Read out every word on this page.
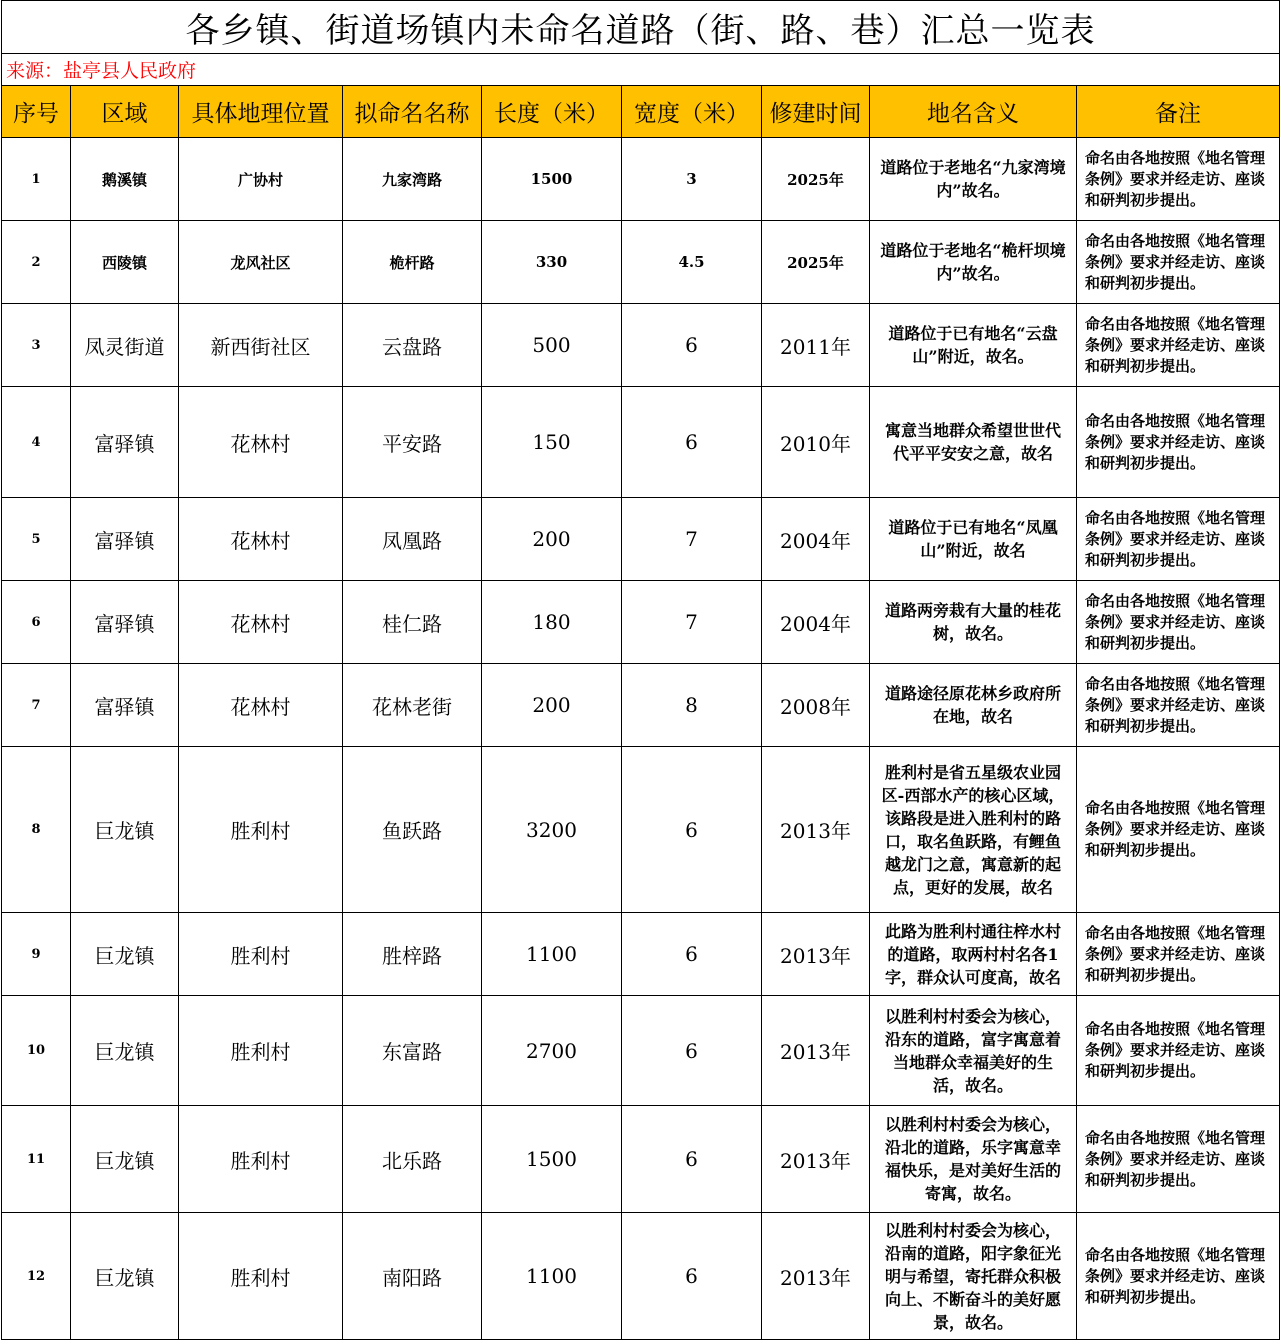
各乡镇、街道场镇内未命名道路（街、路、巷）汇总一览表								
来源：盐亭县人民政府								
序号	区域	具体地理位置	拟命名名称	长度（米）	宽度（米）	修建时间	地名含义	备注
1	鹅溪镇	广协村	九家湾路	1500	3	2025年	道路位于老地名“九家湾境内”故名。	命名由各地按照《地名管理条例》要求并经走访、座谈和研判初步提出。
2	西陵镇	龙风社区	桅杆路	330	4.5	2025年	道路位于老地名“桅杆坝境内”故名。	命名由各地按照《地名管理条例》要求并经走访、座谈和研判初步提出。
3	凤灵街道	新西街社区	云盘路	500	6	2011年	道路位于已有地名“云盘山”附近，故名。	命名由各地按照《地名管理条例》要求并经走访、座谈和研判初步提出。
4	富驿镇	花林村	平安路	150	6	2010年	寓意当地群众希望世世代代平平安安之意，故名	命名由各地按照《地名管理条例》要求并经走访、座谈和研判初步提出。
5	富驿镇	花林村	凤凰路	200	7	2004年	道路位于已有地名“凤凰山”附近，故名	命名由各地按照《地名管理条例》要求并经走访、座谈和研判初步提出。
6	富驿镇	花林村	桂仁路	180	7	2004年	道路两旁栽有大量的桂花树，故名。	命名由各地按照《地名管理条例》要求并经走访、座谈和研判初步提出。
7	富驿镇	花林村	花林老街	200	8	2008年	道路途径原花林乡政府所在地，故名	命名由各地按照《地名管理条例》要求并经走访、座谈和研判初步提出。
8	巨龙镇	胜利村	鱼跃路	3200	6	2013年	胜利村是省五星级农业园区-西部水产的核心区域，该路段是进入胜利村的路口，取名鱼跃路，有鲤鱼越龙门之意，寓意新的起点，更好的发展，故名	命名由各地按照《地名管理条例》要求并经走访、座谈和研判初步提出。
9	巨龙镇	胜利村	胜梓路	1100	6	2013年	此路为胜利村通往梓水村的道路，取两村村名各1字，群众认可度高，故名	命名由各地按照《地名管理条例》要求并经走访、座谈和研判初步提出。
10	巨龙镇	胜利村	东富路	2700	6	2013年	以胜利村村委会为核心，沿东的道路，富字寓意着当地群众幸福美好的生活，故名。	命名由各地按照《地名管理条例》要求并经走访、座谈和研判初步提出。
11	巨龙镇	胜利村	北乐路	1500	6	2013年	以胜利村村委会为核心，沿北的道路，乐字寓意幸福快乐，是对美好生活的寄寓，故名。	命名由各地按照《地名管理条例》要求并经走访、座谈和研判初步提出。
12	巨龙镇	胜利村	南阳路	1100	6	2013年	以胜利村村委会为核心，沿南的道路，阳字象征光明与希望，寄托群众积极向上、不断奋斗的美好愿景，故名。	命名由各地按照《地名管理条例》要求并经走访、座谈和研判初步提出。
